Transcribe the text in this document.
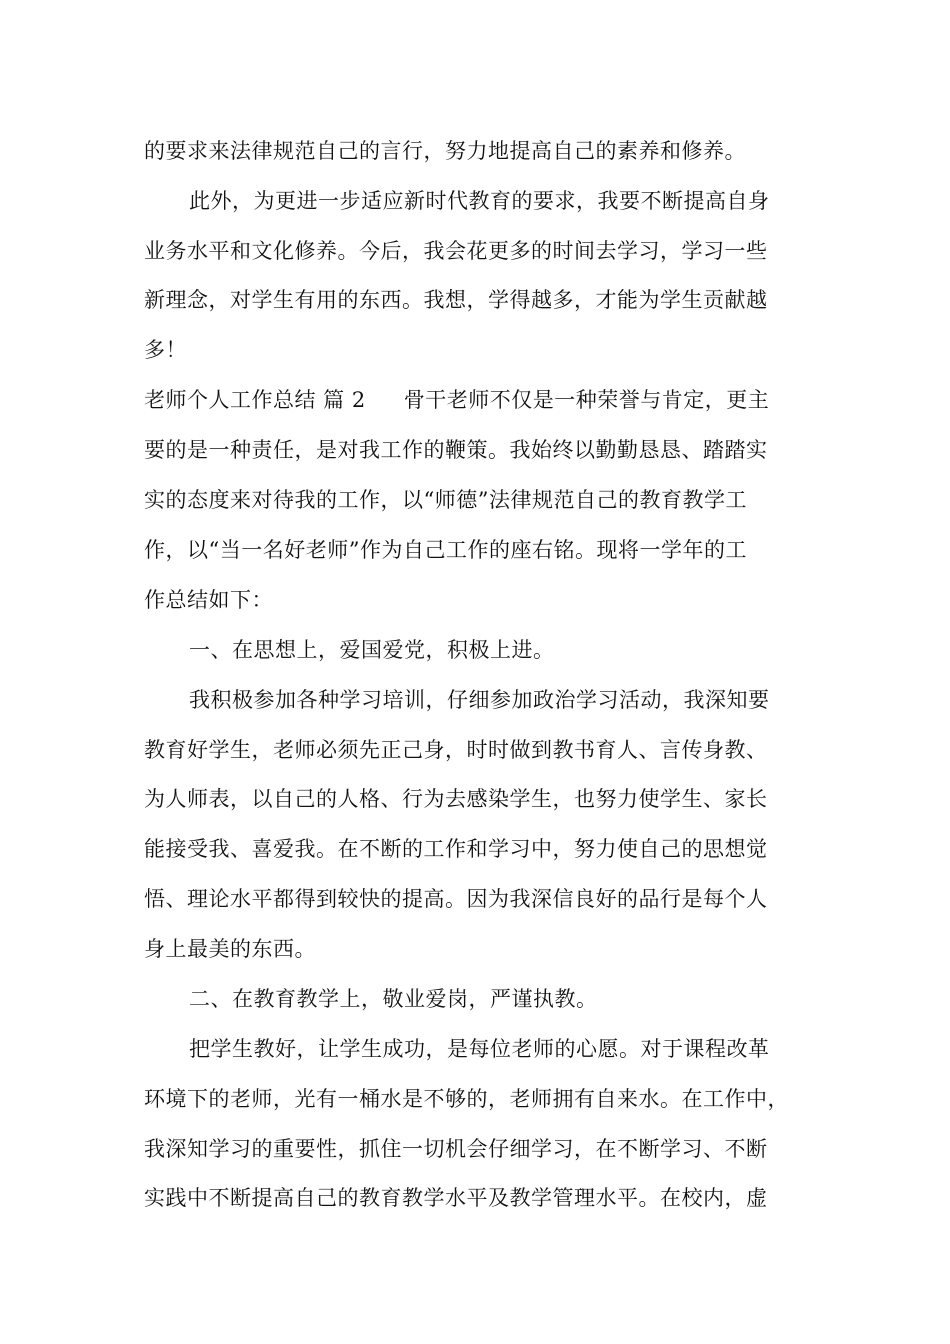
的要求来法律规范自己的言行，努力地提高自己的素养和修养。
此外，为更进一步适应新时代教育的要求，我要不断提高自身
业务水平和文化修养。今后，我会花更多的时间去学习，学习一些
新理念，对学生有用的东西。我想，学得越多，才能为学生贡献越
多！
老师个人工作总结 篇 2 骨干老师不仅是一种荣誉与肯定，更主
要的是一种责任，是对我工作的鞭策。我始终以勤勤恳恳、踏踏实
实的态度来对待我的工作，以“师德”法律规范自己的教育教学工
作，以“当一名好老师”作为自己工作的座右铭。现将一学年的工
作总结如下：
一、在思想上，爱国爱党，积极上进。
我积极参加各种学习培训，仔细参加政治学习活动，我深知要
教育好学生，老师必须先正己身，时时做到教书育人、言传身教、
为人师表，以自己的人格、行为去感染学生，也努力使学生、家长
能接受我、喜爱我。在不断的工作和学习中，努力使自己的思想觉
悟、理论水平都得到较快的提高。因为我深信良好的品行是每个人
身上最美的东西。
二、在教育教学上，敬业爱岗，严谨执教。
把学生教好，让学生成功，是每位老师的心愿。对于课程改革
环境下的老师，光有一桶水是不够的，老师拥有自来水。在工作中，
我深知学习的重要性，抓住一切机会仔细学习，在不断学习、不断
实践中不断提高自己的教育教学水平及教学管理水平。在校内，虚
